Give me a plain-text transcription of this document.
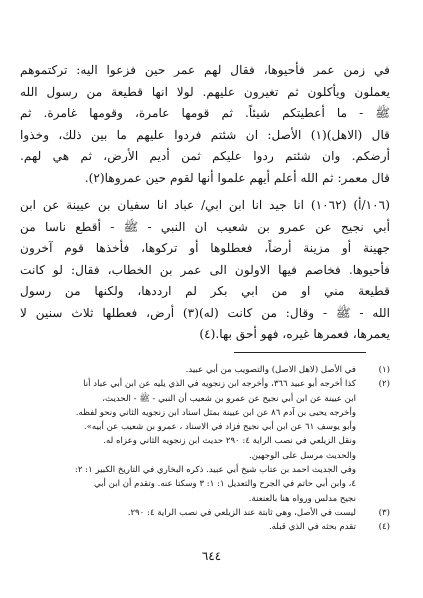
في زمن عمر فأحيوها، فقال لهم عمر حين فزعوا اليه: تركتموهم
يعملون ويأكلون ثم تغيرون عليهم. لولا انها قطيعة من رسول الله
ﷺ - ما أعطيتكم شيئاً. ثم قومها عامرة، وقومها غامرة. ثم
قال (الاهل)(١) الأصل: ان شئتم فردوا عليهم ما بين ذلك، وخذوا
أرضكم. وان شئتم ردوا عليكم ثمن أديم الأرض، ثم هي لهم.
قال معمر: ثم الله أعلم أيهم علموا أنها لقوم حين عمروها(٢).
(١٠٦/أ) (١٠٦٢) انا جيد انا ابن ابي/ عباد انا سفيان بن عيينة عن ابن
أبي نجيح عن عمرو بن شعيب ان النبي - ﷺ - أقطع ناسا من
جهينة أو مزينة أرضاً، فعطلوها أو تركوها، فأخذها قوم آخرون
فأحيوها. فخاصم فيها الاولون الى عمر بن الخطاب، فقال: لو كانت
قطيعة مني او من ابي بكر لم اردده‍ا، ولكنها من رسول
الله - ﷺ - وقال: من كانت (له)(٣) أرض، فعطلها ثلاث سنين لا
يعمرها، فعمرها غيره، فهو أحق بها.(٤)
(١)
في الأصل (لاهل الاصل) والتصويب من أبي عبيد.
(٢)
كذا أخرجه أبو عبيد ٣٦٦، وأخرجه ابن زنجويه في الذي يليه عن ابن أبي عباد أنا
ابن عيينة عن ابن أبي نجيح عن عمرو بن شعيب أن النبي - ﷺ - الحديث،
وأخرجه يحيى بن آدم ٨٦ عن ابن عيينة بمثل اسناد ابن زنجويه الثاني ونحو لفظه.
وأبو يوسف ٦١ عن ابن أبي نجيح فزاد في الاسناد ، عمرو بن شعيب عن أبيه».
ونقل الزيلعي في نصب الراية ٤: ٢٩٠ حديث ابن زنجويه الثاني وعزاه له.
والحديث مرسل على الوجهين.
وفي الجديث احمد بن عتاب شيخ أبي عبيد. ذكره البخاري في التاريخ الكبير ١: ٢:
٤، وابن أبي حاتم في الجرح والتعديل ١: ١: ٣ وسكتا عنه. وتقدم أن ابن أبي
نجيح مدلس ورواه هنا بالعنعنة.
(٣)
ليست في الأصل، وهي ثابتة عند الزيلعي في نصب الراية ٤: ٢٩٠.
(٤)
تقدم بحثه في الذي قبله.
٦٤٤
